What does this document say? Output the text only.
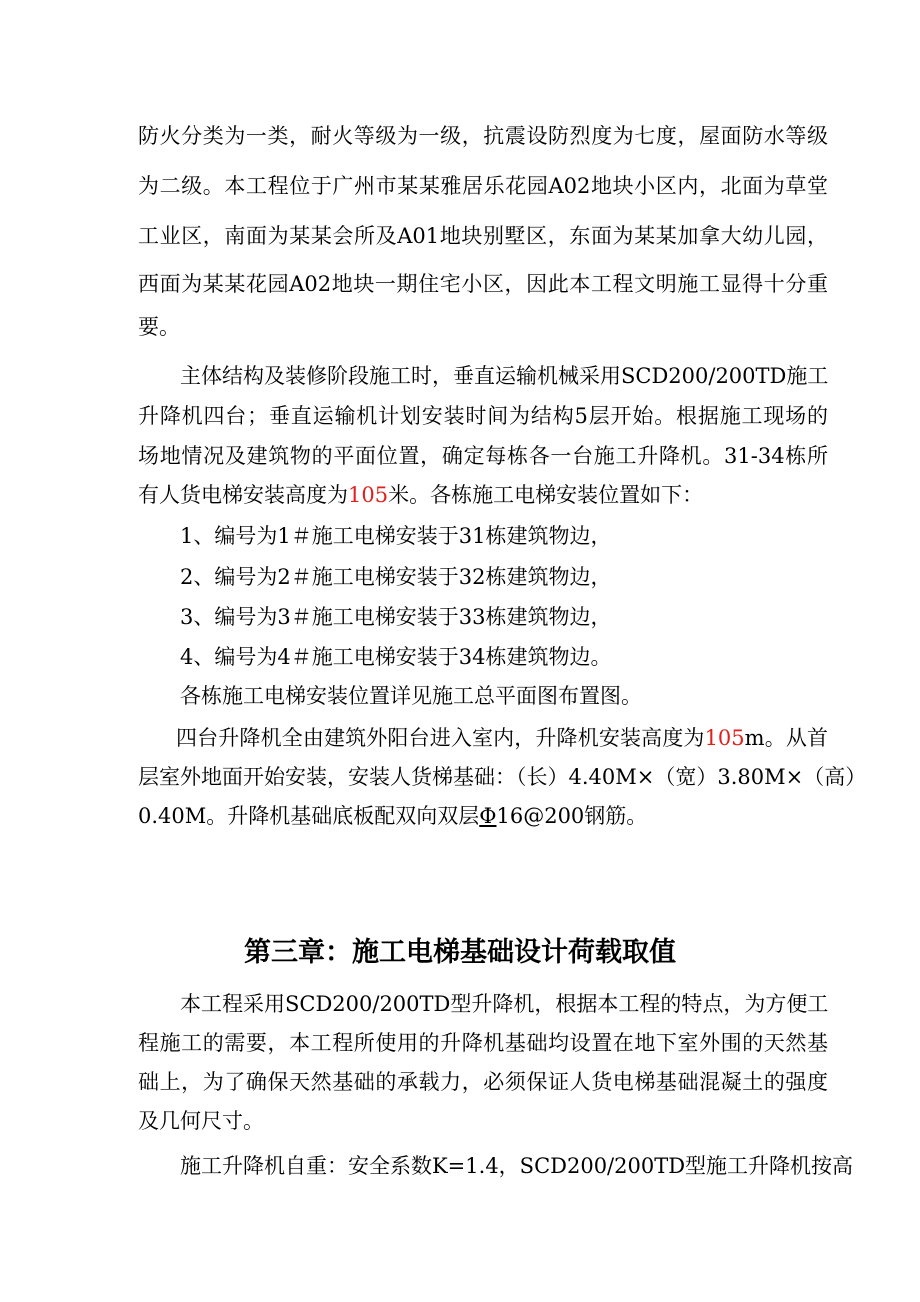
防火分类为一类，耐火等级为一级，抗震设防烈度为七度，屋面防水等级
为二级。本工程位于广州市某某雅居乐花园A02地块小区内，北面为草堂
工业区，南面为某某会所及A01地块别墅区，东面为某某加拿大幼儿园，
西面为某某花园A02地块一期住宅小区，因此本工程文明施工显得十分重
要。
主体结构及装修阶段施工时，垂直运输机械采用SCD200/200TD施工
升降机四台；垂直运输机计划安装时间为结构5层开始。根据施工现场的
场地情况及建筑物的平面位置，确定每栋各一台施工升降机。31-34栋所
有人货电梯安装高度为105米。各栋施工电梯安装位置如下：
1、编号为1＃施工电梯安装于31栋建筑物边，
2、编号为2＃施工电梯安装于32栋建筑物边，
3、编号为3＃施工电梯安装于33栋建筑物边，
4、编号为4＃施工电梯安装于34栋建筑物边。
各栋施工电梯安装位置详见施工总平面图布置图。
四台升降机全由建筑外阳台进入室内，升降机安装高度为105m。从首
层室外地面开始安装，安装人货梯基础：（长）4.40M×（宽）3.80M×（高）
0.40M。升降机基础底板配双向双层Φ16@200钢筋。
第三章：施工电梯基础设计荷载取值
本工程采用SCD200/200TD型升降机，根据本工程的特点，为方便工
程施工的需要，本工程所使用的升降机基础均设置在地下室外围的天然基
础上，为了确保天然基础的承载力，必须保证人货电梯基础混凝土的强度
及几何尺寸。
施工升降机自重：安全系数K=1.4，SCD200/200TD型施工升降机按高
